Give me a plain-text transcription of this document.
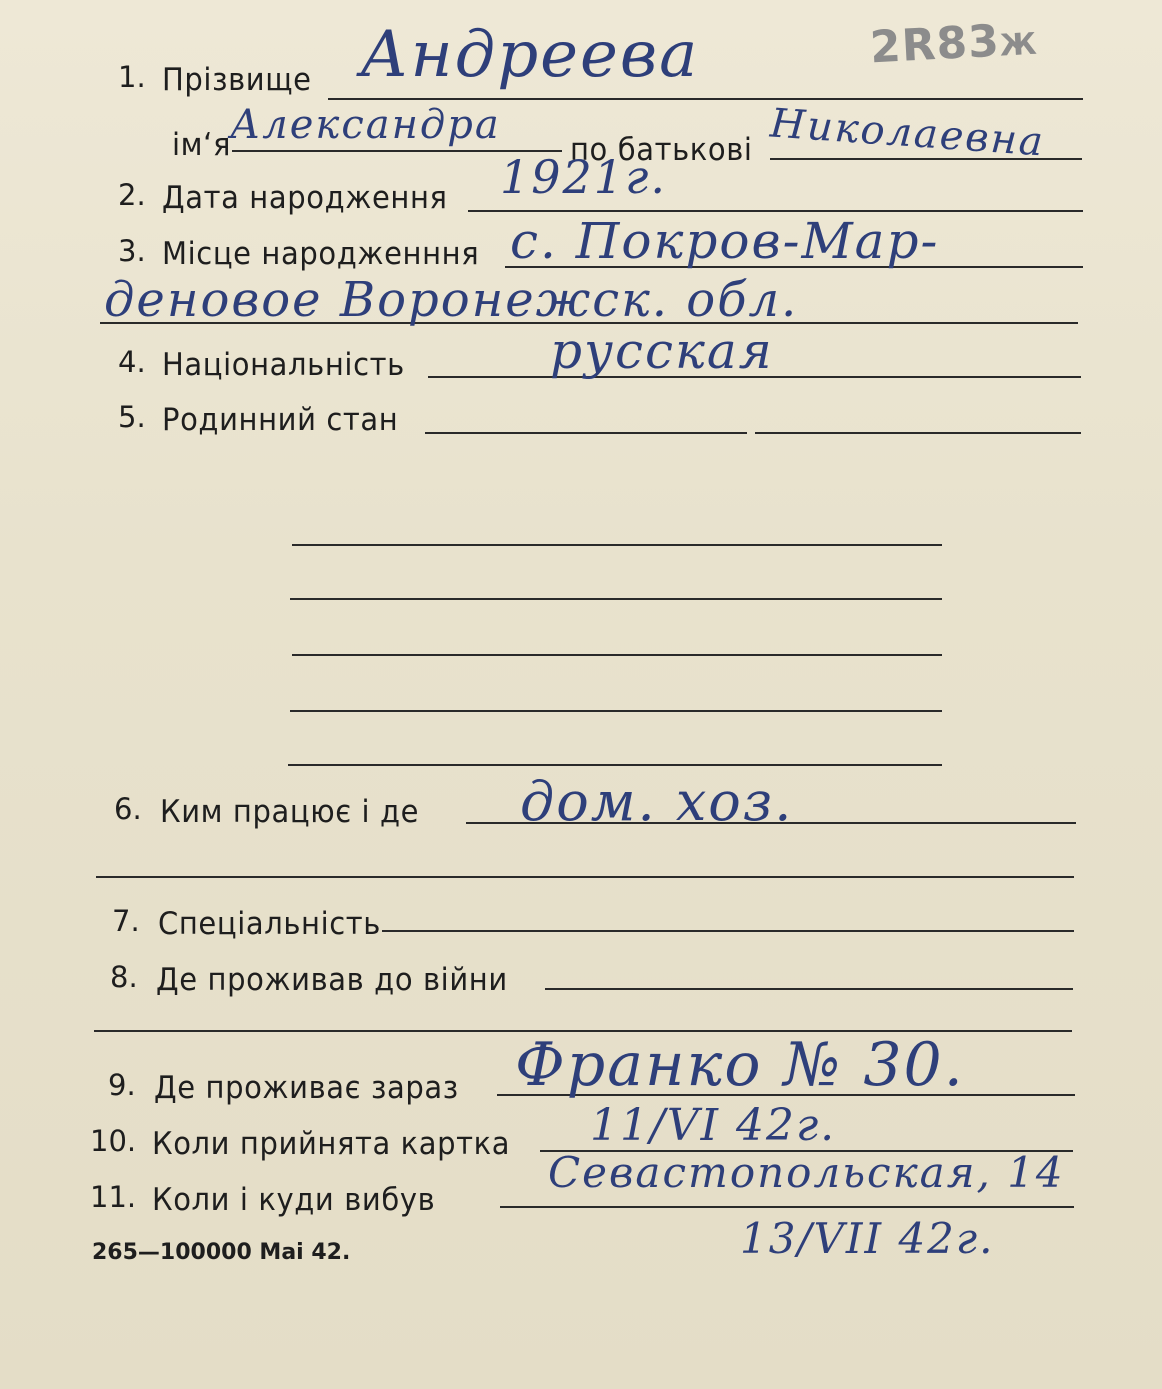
2R83Ж
1. Прізвище Андреева
ім‘я Александра
по батькові Николаевна
2. Дата народження 1921г.
3. Місце народженння с. Покров-Мар-
деновое Воронежск. обл.
4. Національність	русская
5. Родинний стан
6. Ким працює і де дом. хоз.
7. Спеціальність
8. Де проживав до війни
9. Де проживає зараз Франко № 30.
10. Коли прийнята картка 11/VI 42г.
11. Коли і куди вибув
Севастопольская, 14
13/VII 42г.
265—100000 Mai 42.
